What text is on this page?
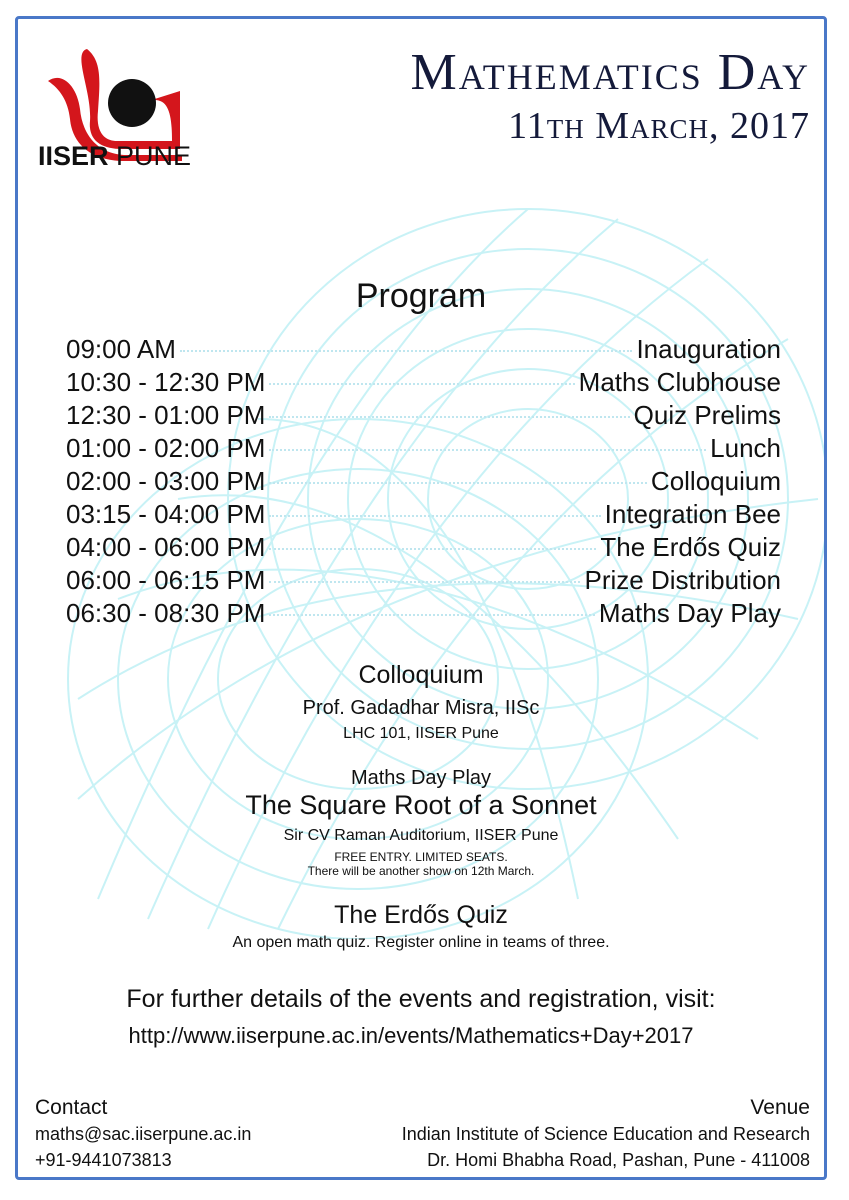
IISER PUNE
Mathematics Day
11th March, 2017
Program
09:00 AM	Inauguration
10:30 - 12:30 PM	Maths Clubhouse
12:30 - 01:00 PM	Quiz Prelims
01:00 - 02:00 PM	Lunch
02:00 - 03:00 PM	Colloquium
03:15 - 04:00 PM	Integration Bee
04:00 - 06:00 PM	The Erdős Quiz
06:00 - 06:15 PM	Prize Distribution
06:30 - 08:30 PM	Maths Day Play
Colloquium
Prof. Gadadhar Misra, IISc
LHC 101, IISER Pune
Maths Day Play
The Square Root of a Sonnet
Sir CV Raman Auditorium, IISER Pune
FREE ENTRY. LIMITED SEATS.
There will be another show on 12th March.
The Erdős Quiz
An open math quiz. Register online in teams of three.
For further details of the events and registration, visit:
http://www.iiserpune.ac.in/events/Mathematics+Day+2017
Contact
maths@sac.iiserpune.ac.in
+91-9441073813
Venue
Indian Institute of Science Education and Research
Dr. Homi Bhabha Road, Pashan, Pune - 411008
